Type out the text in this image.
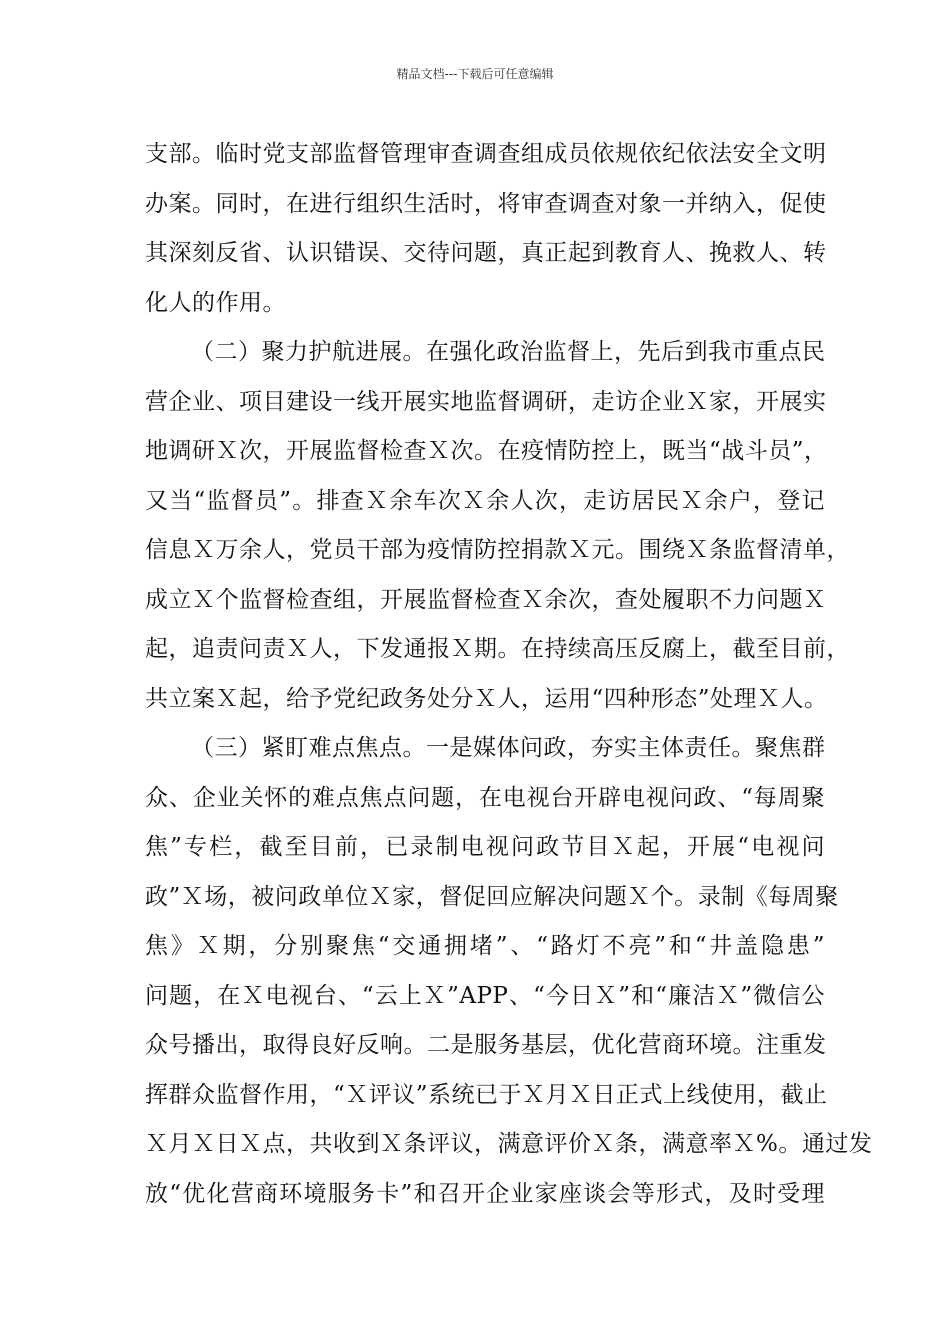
精品文档---下载后可任意编辑
支部。临时党支部监督管理审查调查组成员依规依纪依法安全文明
办案。同时，在进行组织生活时，将审查调查对象一并纳入，促使
其深刻反省、认识错误、交待问题，真正起到教育人、挽救人、转
化人的作用。
（二）聚力护航进展。在强化政治监督上，先后到我市重点民
营企业、项目建设一线开展实地监督调研，走访企业Ｘ家，开展实
地调研Ｘ次，开展监督检查Ｘ次。在疫情防控上，既当“战斗员”，
又当“监督员”。排查Ｘ余车次Ｘ余人次，走访居民Ｘ余户，登记
信息Ｘ万余人，党员干部为疫情防控捐款Ｘ元。围绕Ｘ条监督清单，
成立Ｘ个监督检查组，开展监督检查Ｘ余次，查处履职不力问题Ｘ
起，追责问责Ｘ人，下发通报Ｘ期。在持续高压反腐上，截至目前，
共立案Ｘ起，给予党纪政务处分Ｘ人，运用“四种形态”处理Ｘ人。
（三）紧盯难点焦点。一是媒体问政，夯实主体责任。聚焦群
众、企业关怀的难点焦点问题，在电视台开辟电视问政、“每周聚
焦”专栏，截至目前，已录制电视问政节目Ｘ起，开展“电视问
政”Ｘ场，被问政单位Ｘ家，督促回应解决问题Ｘ个。录制《每周聚
焦》Ｘ期，分别聚焦“交通拥堵”、“路灯不亮”和“井盖隐患”
问题，在Ｘ电视台、“云上Ｘ”APP、“今日Ｘ”和“廉洁Ｘ”微信公
众号播出，取得良好反响。二是服务基层，优化营商环境。注重发
挥群众监督作用，“Ｘ评议”系统已于Ｘ月Ｘ日正式上线使用，截止
Ｘ月Ｘ日Ｘ点，共收到Ｘ条评议，满意评价Ｘ条，满意率Ｘ%。通过发
放“优化营商环境服务卡”和召开企业家座谈会等形式，及时受理
